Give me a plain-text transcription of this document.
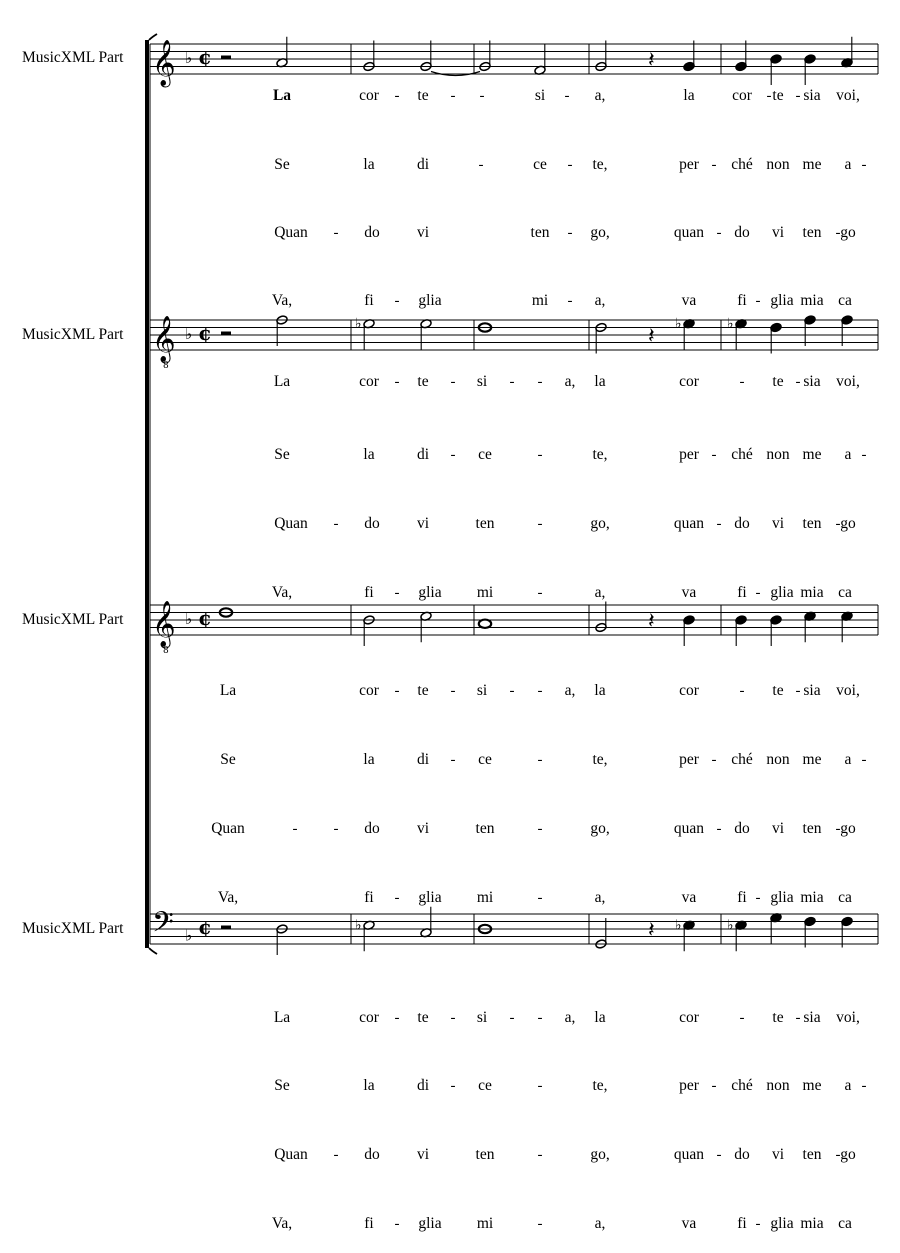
𝄞 ♭ ¢	𝄽
𝄞
8
♭ ¢	♭
𝄽
♭	♭
𝄞
8
♭ ¢	𝄽
𝄢 ♭ ¢	♭	𝄽 ♭	♭
MusicXML Part
MusicXML Part
MusicXML Part
MusicXML Part
La	cor - te - -	si - a,	la cor - te - sia voi,
Se	la	di	-	ce - te,	per - ché non me a -
Quan - do vi	ten - go,	quan - do vi ten - go
Va,	fi - glia	mi - a,	va	fi - glia mia ca
La	cor - te - si - - a, la	cor	- te - sia voi,
Se	la	di - ce	-	te,	per - ché non me a -
Quan - do vi	ten	-	go,	quan - do vi ten - go
Va,	fi - glia mi	-	a,	va	fi - glia mia ca
La	cor - te - si - - a, la	cor	- te - sia voi,
Se	la	di - ce	-	te,	per - ché non me a -
Quan	- - do vi	ten	-	go,	quan - do vi ten - go
Va,	fi - glia mi	-	a,	va	fi - glia mia ca
La	cor - te - si - - a, la	cor	- te - sia voi,
Se	la	di - ce	-	te,	per - ché non me a -
Quan - do vi	ten	-	go,	quan - do vi ten - go
Va,	fi - glia mi	-	a,	va	fi - glia mia ca
